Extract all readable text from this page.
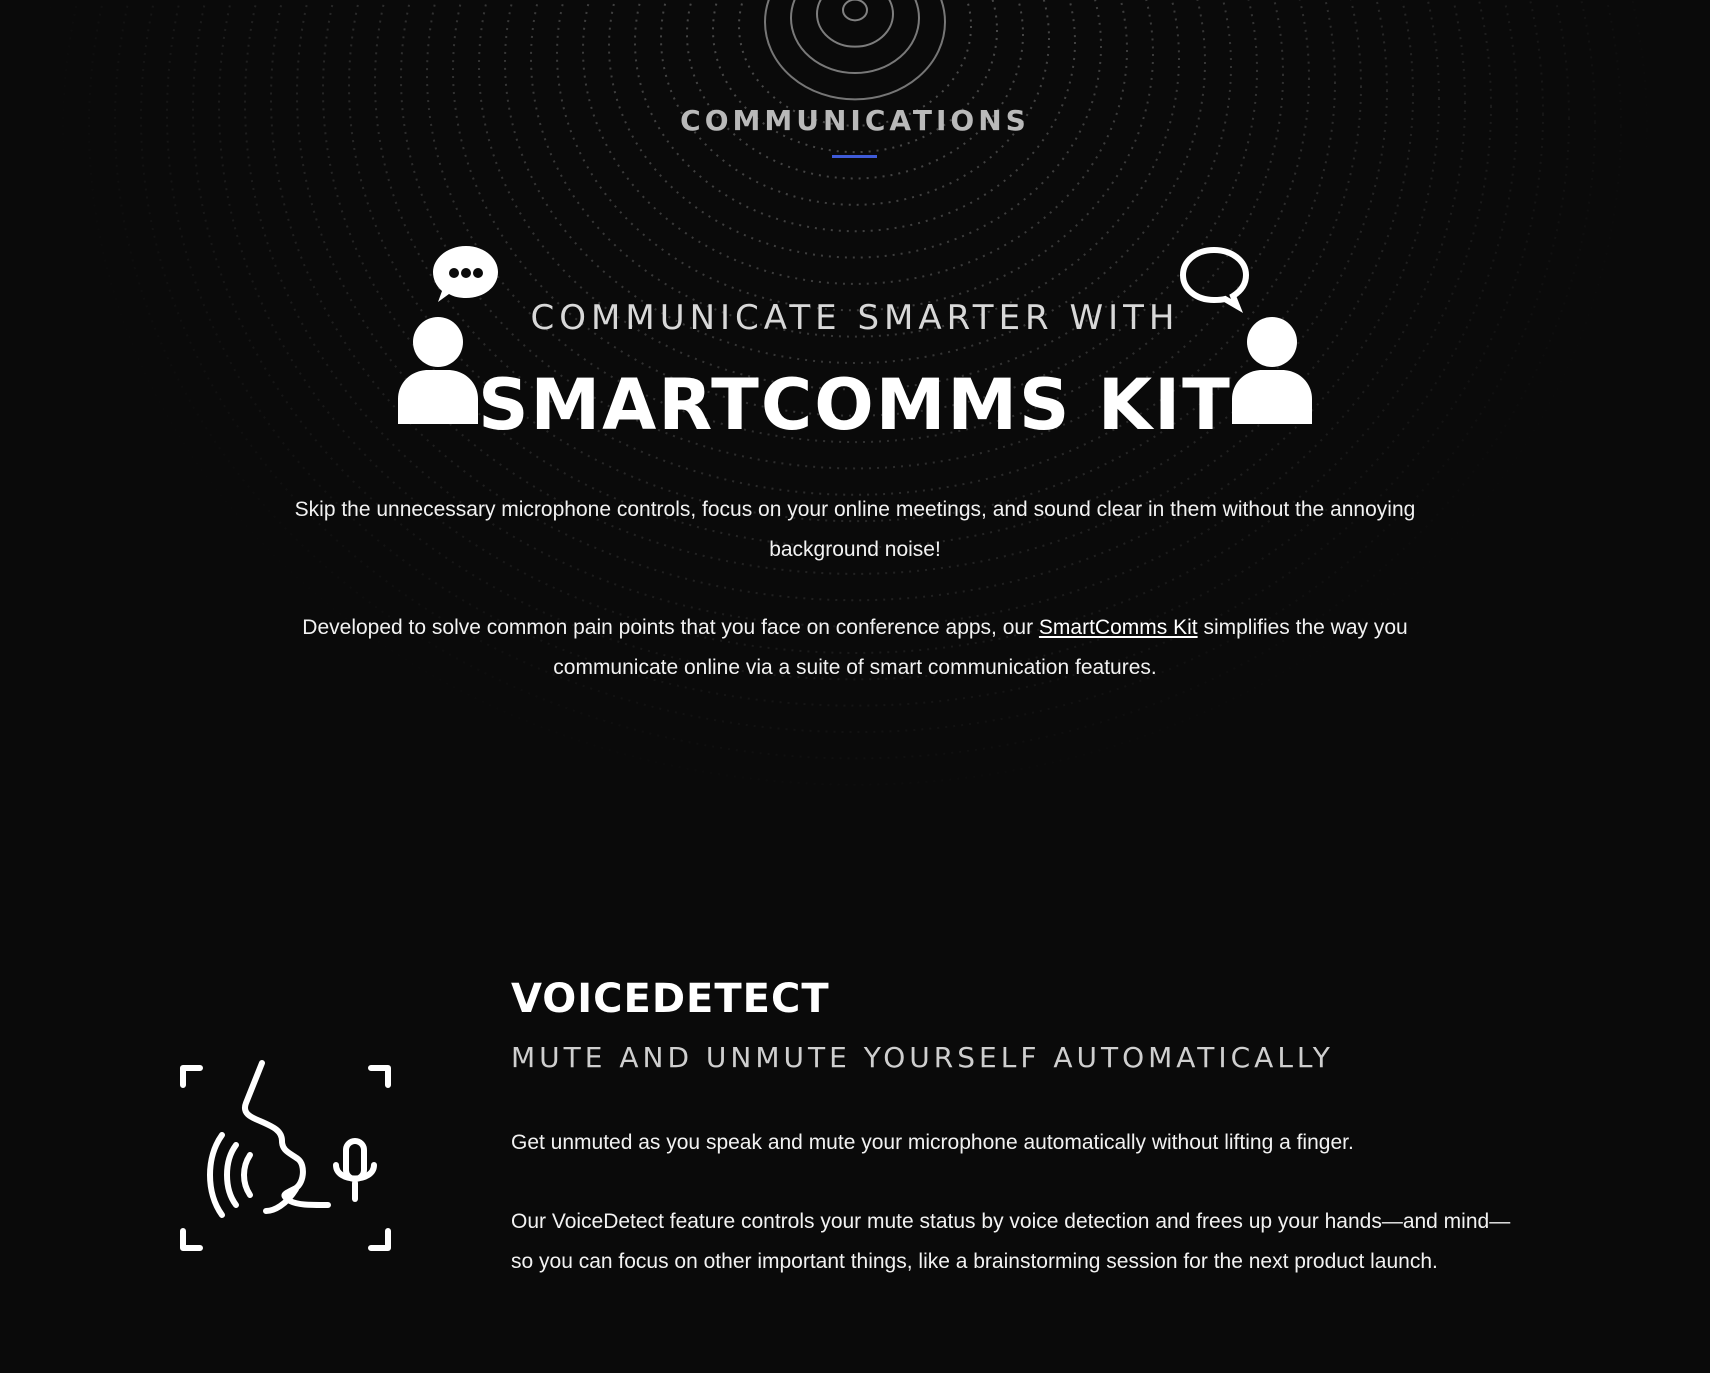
COMMUNICATIONS
COMMUNICATE SMARTER WITH
SMARTCOMMS KIT
Skip the unnecessary microphone controls, focus on your online meetings, and sound clear in them without the annoying background noise!
Developed to solve common pain points that you face on conference apps, our SmartComms Kit simplifies the way you communicate online via a suite of smart communication features.
VOICEDETECT
MUTE AND UNMUTE YOURSELF AUTOMATICALLY
Get unmuted as you speak and mute your microphone automatically without lifting a finger.
Our VoiceDetect feature controls your mute status by voice detection and frees up your hands—and mind—so you can focus on other important things, like a brainstorming session for the next product launch.
